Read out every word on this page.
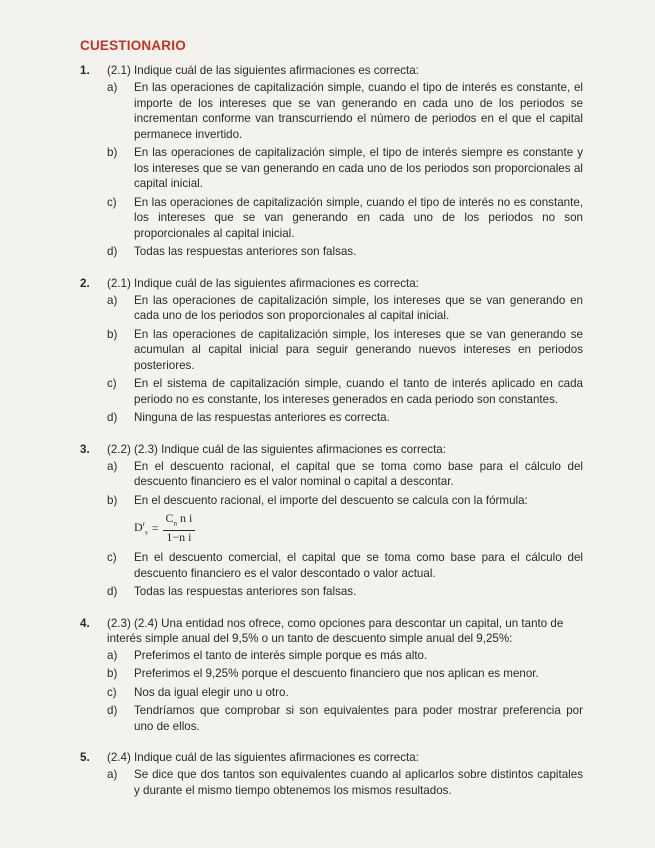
CUESTIONARIO
1.	(2.1) Indique cuál de las siguientes afirmaciones es correcta:
a)	En las operaciones de capitalización simple, cuando el tipo de interés es constante, el importe de los intereses que se van generando en cada uno de los periodos se incrementan conforme van transcurriendo el número de periodos en el que el capital permanece invertido.
b)	En las operaciones de capitalización simple, el tipo de interés siempre es constante y los intereses que se van generando en cada uno de los periodos son proporcionales al capital inicial.
c)	En las operaciones de capitalización simple, cuando el tipo de interés no es constante, los intereses que se van generando en cada uno de los periodos no son proporcionales al capital inicial.
d)	Todas las respuestas anteriores son falsas.
2.	(2.1) Indique cuál de las siguientes afirmaciones es correcta:
a)	En las operaciones de capitalización simple, los intereses que se van generando en cada uno de los periodos son proporcionales al capital inicial.
b)	En las operaciones de capitalización simple, los intereses que se van generando se acumulan al capital inicial para seguir generando nuevos intereses en periodos posteriores.
c)	En el sistema de capitalización simple, cuando el tanto de interés aplicado en cada periodo no es constante, los intereses generados en cada periodo son constantes.
d)	Ninguna de las respuestas anteriores es correcta.
3.	(2.2) (2.3) Indique cuál de las siguientes afirmaciones es correcta:
a)	En el descuento racional, el capital que se toma como base para el cálculo del descuento financiero es el valor nominal o capital a descontar.
b)	En el descuento racional, el importe del descuento se calcula con la fórmula:
$D^r_s = \frac{C_n n i}{\text{1−n i}}$
c)	En el descuento comercial, el capital que se toma como base para el cálculo del descuento financiero es el valor descontado o valor actual.
d)	Todas las respuestas anteriores son falsas.
4.	(2.3) (2.4) Una entidad nos ofrece, como opciones para descontar un capital, un tanto de interés simple anual del 9,5% o un tanto de descuento simple anual del 9,25%:
a)	Preferimos el tanto de interés simple porque es más alto.
b)	Preferimos el 9,25% porque el descuento financiero que nos aplican es menor.
c)	Nos da igual elegir uno u otro.
d)	Tendríamos que comprobar si son equivalentes para poder mostrar preferencia por uno de ellos.
5.	(2.4) Indique cuál de las siguientes afirmaciones es correcta:
a)	Se dice que dos tantos son equivalentes cuando al aplicarlos sobre distintos capitales y durante el mismo tiempo obtenemos los mismos resultados.
